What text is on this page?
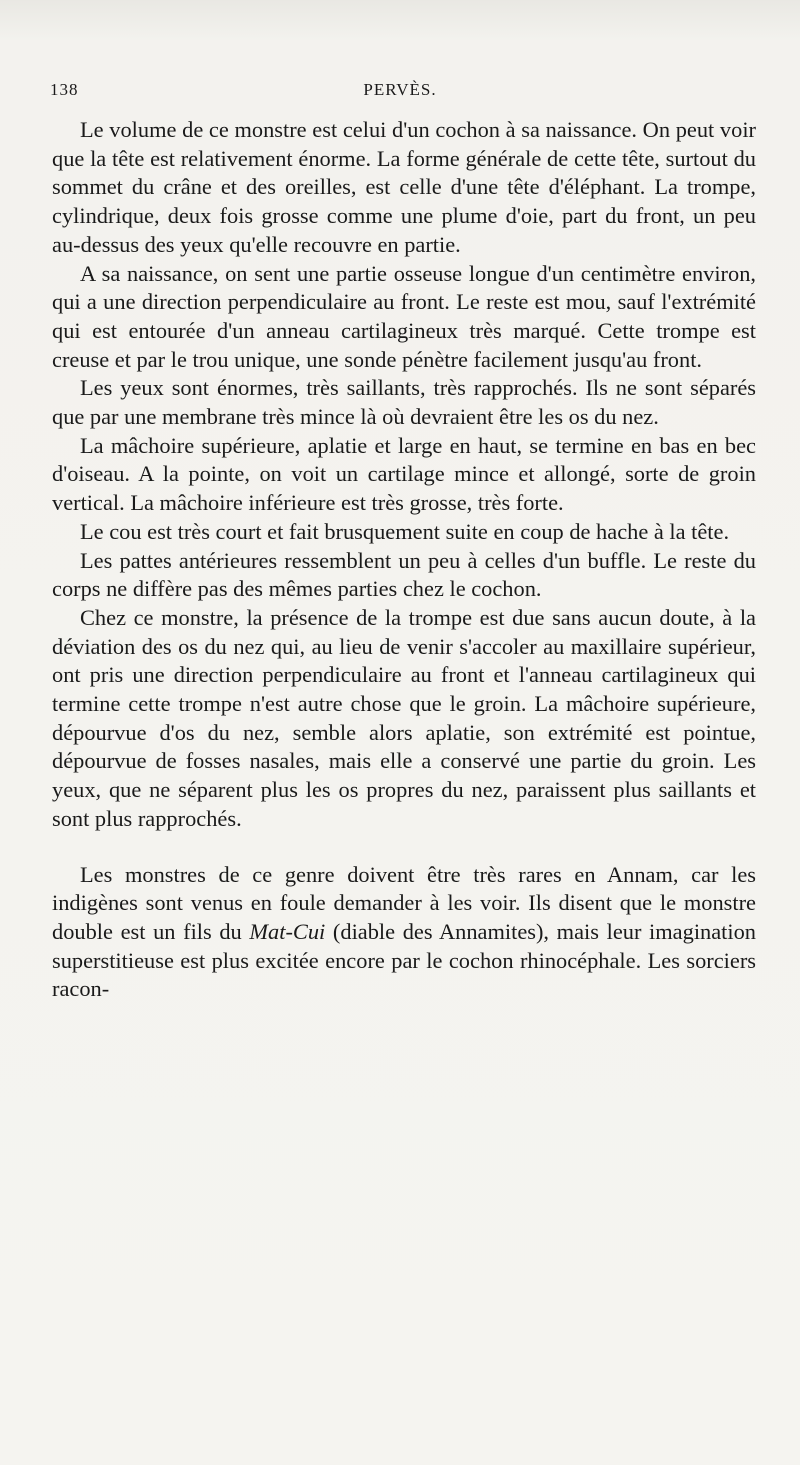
138	PERVÈS.

Le volume de ce monstre est celui d'un cochon à sa naissance. On peut voir que la tête est relativement énorme. La forme générale de cette tête, surtout du sommet du crâne et des oreilles, est celle d'une tête d'éléphant. La trompe, cylindrique, deux fois grosse comme une plume d'oie, part du front, un peu au-dessus des yeux qu'elle recouvre en partie.

A sa naissance, on sent une partie osseuse longue d'un centimètre environ, qui a une direction perpendiculaire au front. Le reste est mou, sauf l'extrémité qui est entourée d'un anneau cartilagineux très marqué. Cette trompe est creuse et par le trou unique, une sonde pénètre facilement jusqu'au front.

Les yeux sont énormes, très saillants, très rapprochés. Ils ne sont séparés que par une membrane très mince là où devraient être les os du nez.

La mâchoire supérieure, aplatie et large en haut, se termine en bas en bec d'oiseau. A la pointe, on voit un cartilage mince et allongé, sorte de groin vertical. La mâchoire inférieure est très grosse, très forte.

Le cou est très court et fait brusquement suite en coup de hache à la tête.

Les pattes antérieures ressemblent un peu à celles d'un buffle. Le reste du corps ne diffère pas des mêmes parties chez le cochon.

Chez ce monstre, la présence de la trompe est due sans aucun doute, à la déviation des os du nez qui, au lieu de venir s'accoler au maxillaire supérieur, ont pris une direction perpendiculaire au front et l'anneau cartilagineux qui termine cette trompe n'est autre chose que le groin. La mâchoire supérieure, dépourvue d'os du nez, semble alors aplatie, son extrémité est pointue, dépourvue de fosses nasales, mais elle a conservé une partie du groin. Les yeux, que ne séparent plus les os propres du nez, paraissent plus saillants et sont plus rapprochés.

Les monstres de ce genre doivent être très rares en Annam, car les indigènes sont venus en foule demander à les voir. Ils disent que le monstre double est un fils du Mat-Cui (diable des Annamites), mais leur imagination superstitieuse est plus excitée encore par le cochon rhinocéphale. Les sorciers racon-
